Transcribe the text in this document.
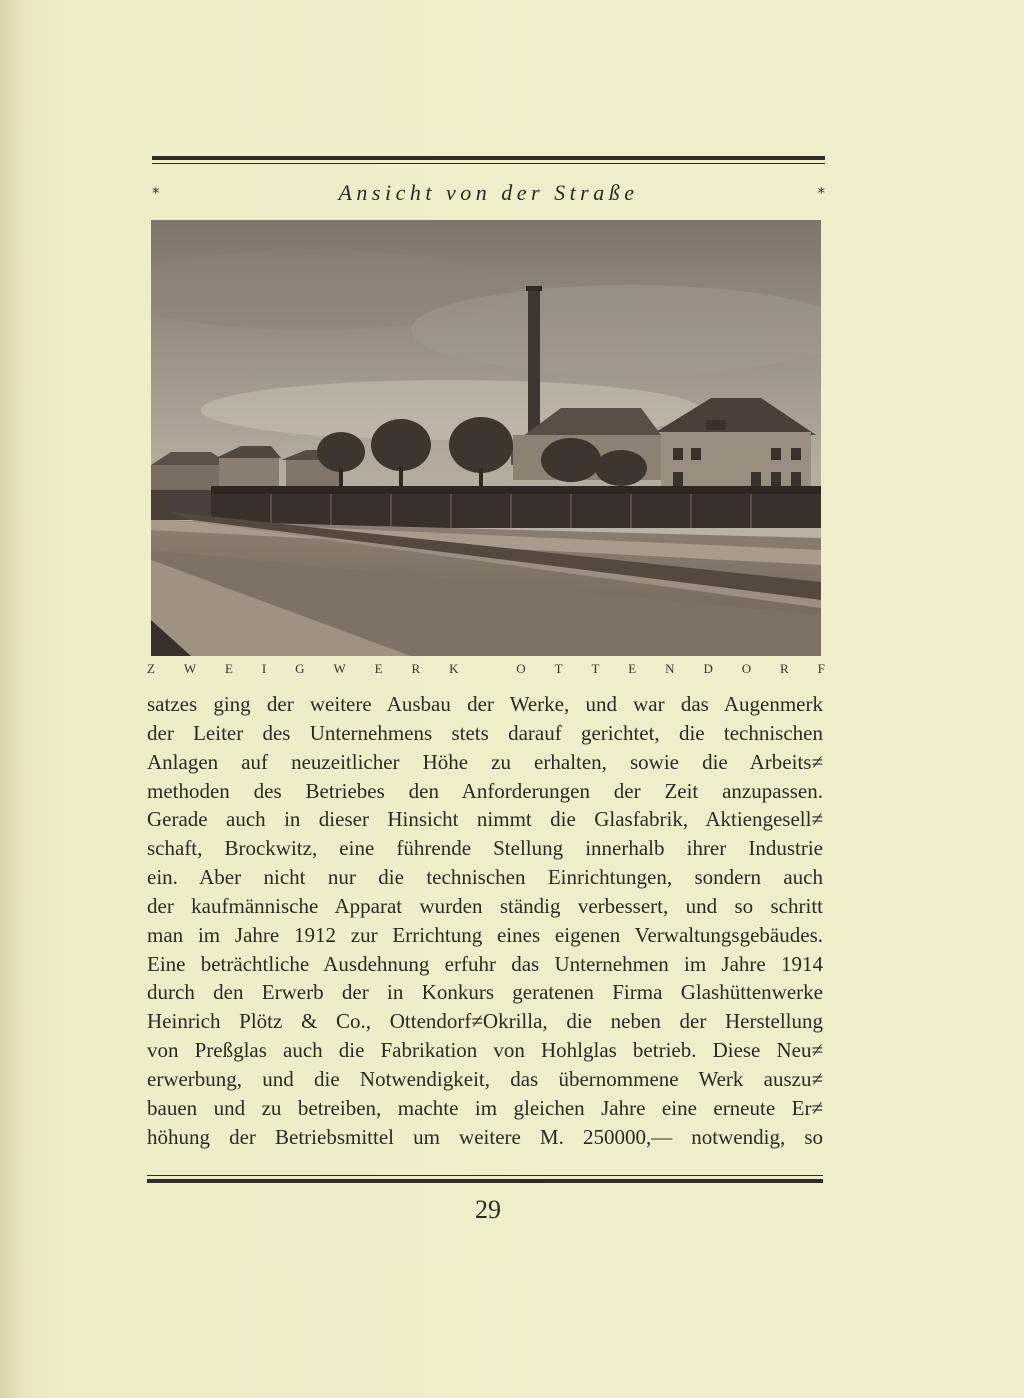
*	Ansicht von der Straße	*
Z W E I G W E R K	O T T E N D O R F
satzes ging der weitere Ausbau der Werke, und war das Augenmerk
der Leiter des Unternehmens stets darauf gerichtet, die technischen
Anlagen auf neuzeitlicher Höhe zu erhalten, sowie die Arbeits≠
methoden des Betriebes den Anforderungen der Zeit anzupassen.
Gerade auch in dieser Hinsicht nimmt die Glasfabrik, Aktiengesell≠
schaft, Brockwitz, eine führende Stellung innerhalb ihrer Industrie
ein. Aber nicht nur die technischen Einrichtungen, sondern auch
der kaufmännische Apparat wurden ständig verbessert, und so schritt
man im Jahre 1912 zur Errichtung eines eigenen Verwaltungsgebäudes.
Eine beträchtliche Ausdehnung erfuhr das Unternehmen im Jahre 1914
durch den Erwerb der in Konkurs geratenen Firma Glashüttenwerke
Heinrich Plötz & Co., Ottendorf≠Okrilla, die neben der Herstellung
von Preßglas auch die Fabrikation von Hohlglas betrieb. Diese Neu≠
erwerbung, und die Notwendigkeit, das übernommene Werk auszu≠
bauen und zu betreiben, machte im gleichen Jahre eine erneute Er≠
höhung der Betriebsmittel um weitere M. 250000,— notwendig, so
29
